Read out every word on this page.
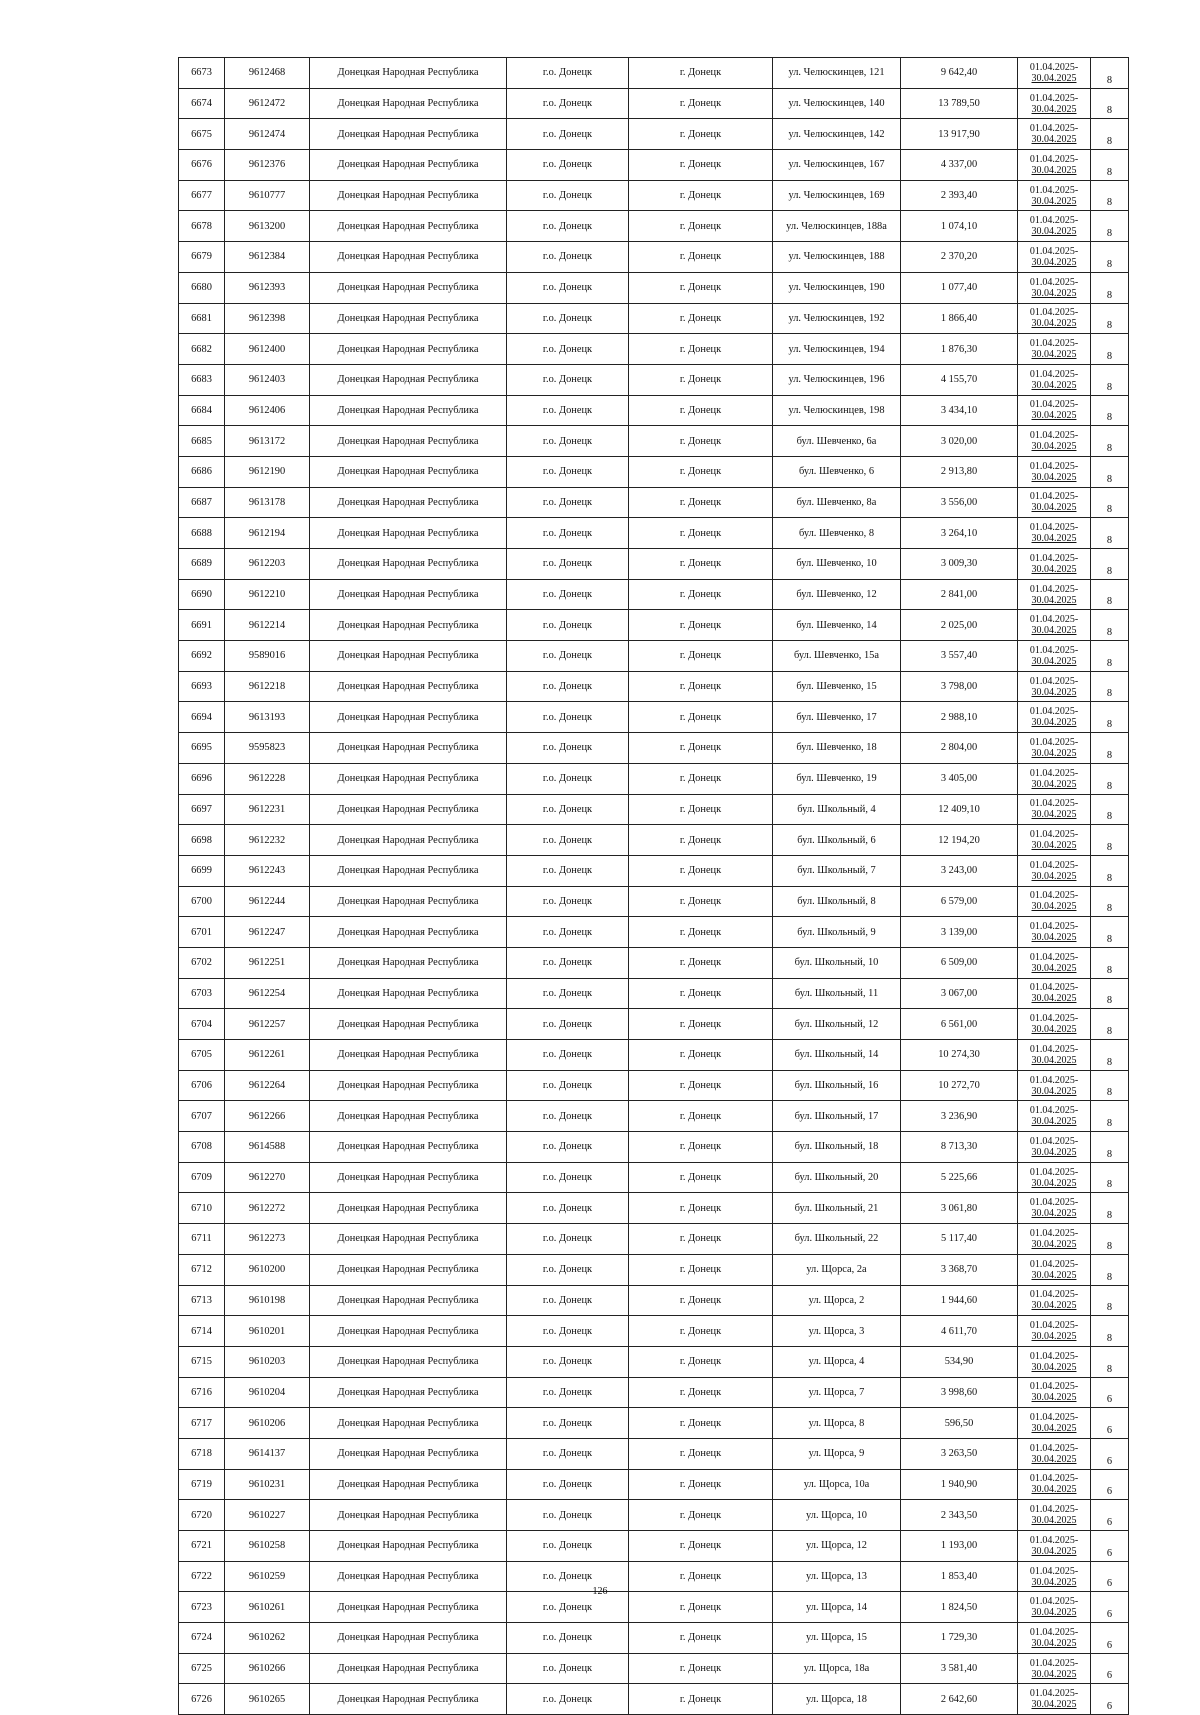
6673	9612468	Донецкая Народная Республика	г.о. Донецк	г. Донецк	ул. Челюскинцев, 121	9 642,40	01.04.2025-
30.04.2025	8
6674	9612472	Донецкая Народная Республика	г.о. Донецк	г. Донецк	ул. Челюскинцев, 140	13 789,50	01.04.2025-
30.04.2025	8
6675	9612474	Донецкая Народная Республика	г.о. Донецк	г. Донецк	ул. Челюскинцев, 142	13 917,90	01.04.2025-
30.04.2025	8
6676	9612376	Донецкая Народная Республика	г.о. Донецк	г. Донецк	ул. Челюскинцев, 167	4 337,00	01.04.2025-
30.04.2025	8
6677	9610777	Донецкая Народная Республика	г.о. Донецк	г. Донецк	ул. Челюскинцев, 169	2 393,40	01.04.2025-
30.04.2025	8
6678	9613200	Донецкая Народная Республика	г.о. Донецк	г. Донецк	ул. Челюскинцев, 188а	1 074,10	01.04.2025-
30.04.2025	8
6679	9612384	Донецкая Народная Республика	г.о. Донецк	г. Донецк	ул. Челюскинцев, 188	2 370,20	01.04.2025-
30.04.2025	8
6680	9612393	Донецкая Народная Республика	г.о. Донецк	г. Донецк	ул. Челюскинцев, 190	1 077,40	01.04.2025-
30.04.2025	8
6681	9612398	Донецкая Народная Республика	г.о. Донецк	г. Донецк	ул. Челюскинцев, 192	1 866,40	01.04.2025-
30.04.2025	8
6682	9612400	Донецкая Народная Республика	г.о. Донецк	г. Донецк	ул. Челюскинцев, 194	1 876,30	01.04.2025-
30.04.2025	8
6683	9612403	Донецкая Народная Республика	г.о. Донецк	г. Донецк	ул. Челюскинцев, 196	4 155,70	01.04.2025-
30.04.2025	8
6684	9612406	Донецкая Народная Республика	г.о. Донецк	г. Донецк	ул. Челюскинцев, 198	3 434,10	01.04.2025-
30.04.2025	8
6685	9613172	Донецкая Народная Республика	г.о. Донецк	г. Донецк	бул. Шевченко, 6а	3 020,00	01.04.2025-
30.04.2025	8
6686	9612190	Донецкая Народная Республика	г.о. Донецк	г. Донецк	бул. Шевченко, 6	2 913,80	01.04.2025-
30.04.2025	8
6687	9613178	Донецкая Народная Республика	г.о. Донецк	г. Донецк	бул. Шевченко, 8а	3 556,00	01.04.2025-
30.04.2025	8
6688	9612194	Донецкая Народная Республика	г.о. Донецк	г. Донецк	бул. Шевченко, 8	3 264,10	01.04.2025-
30.04.2025	8
6689	9612203	Донецкая Народная Республика	г.о. Донецк	г. Донецк	бул. Шевченко, 10	3 009,30	01.04.2025-
30.04.2025	8
6690	9612210	Донецкая Народная Республика	г.о. Донецк	г. Донецк	бул. Шевченко, 12	2 841,00	01.04.2025-
30.04.2025	8
6691	9612214	Донецкая Народная Республика	г.о. Донецк	г. Донецк	бул. Шевченко, 14	2 025,00	01.04.2025-
30.04.2025	8
6692	9589016	Донецкая Народная Республика	г.о. Донецк	г. Донецк	бул. Шевченко, 15а	3 557,40	01.04.2025-
30.04.2025	8
6693	9612218	Донецкая Народная Республика	г.о. Донецк	г. Донецк	бул. Шевченко, 15	3 798,00	01.04.2025-
30.04.2025	8
6694	9613193	Донецкая Народная Республика	г.о. Донецк	г. Донецк	бул. Шевченко, 17	2 988,10	01.04.2025-
30.04.2025	8
6695	9595823	Донецкая Народная Республика	г.о. Донецк	г. Донецк	бул. Шевченко, 18	2 804,00	01.04.2025-
30.04.2025	8
6696	9612228	Донецкая Народная Республика	г.о. Донецк	г. Донецк	бул. Шевченко, 19	3 405,00	01.04.2025-
30.04.2025	8
6697	9612231	Донецкая Народная Республика	г.о. Донецк	г. Донецк	бул. Школьный, 4	12 409,10	01.04.2025-
30.04.2025	8
6698	9612232	Донецкая Народная Республика	г.о. Донецк	г. Донецк	бул. Школьный, 6	12 194,20	01.04.2025-
30.04.2025	8
6699	9612243	Донецкая Народная Республика	г.о. Донецк	г. Донецк	бул. Школьный, 7	3 243,00	01.04.2025-
30.04.2025	8
6700	9612244	Донецкая Народная Республика	г.о. Донецк	г. Донецк	бул. Школьный, 8	6 579,00	01.04.2025-
30.04.2025	8
6701	9612247	Донецкая Народная Республика	г.о. Донецк	г. Донецк	бул. Школьный, 9	3 139,00	01.04.2025-
30.04.2025	8
6702	9612251	Донецкая Народная Республика	г.о. Донецк	г. Донецк	бул. Школьный, 10	6 509,00	01.04.2025-
30.04.2025	8
6703	9612254	Донецкая Народная Республика	г.о. Донецк	г. Донецк	бул. Школьный, 11	3 067,00	01.04.2025-
30.04.2025	8
6704	9612257	Донецкая Народная Республика	г.о. Донецк	г. Донецк	бул. Школьный, 12	6 561,00	01.04.2025-
30.04.2025	8
6705	9612261	Донецкая Народная Республика	г.о. Донецк	г. Донецк	бул. Школьный, 14	10 274,30	01.04.2025-
30.04.2025	8
6706	9612264	Донецкая Народная Республика	г.о. Донецк	г. Донецк	бул. Школьный, 16	10 272,70	01.04.2025-
30.04.2025	8
6707	9612266	Донецкая Народная Республика	г.о. Донецк	г. Донецк	бул. Школьный, 17	3 236,90	01.04.2025-
30.04.2025	8
6708	9614588	Донецкая Народная Республика	г.о. Донецк	г. Донецк	бул. Школьный, 18	8 713,30	01.04.2025-
30.04.2025	8
6709	9612270	Донецкая Народная Республика	г.о. Донецк	г. Донецк	бул. Школьный, 20	5 225,66	01.04.2025-
30.04.2025	8
6710	9612272	Донецкая Народная Республика	г.о. Донецк	г. Донецк	бул. Школьный, 21	3 061,80	01.04.2025-
30.04.2025	8
6711	9612273	Донецкая Народная Республика	г.о. Донецк	г. Донецк	бул. Школьный, 22	5 117,40	01.04.2025-
30.04.2025	8
6712	9610200	Донецкая Народная Республика	г.о. Донецк	г. Донецк	ул. Щорса, 2а	3 368,70	01.04.2025-
30.04.2025	8
6713	9610198	Донецкая Народная Республика	г.о. Донецк	г. Донецк	ул. Щорса, 2	1 944,60	01.04.2025-
30.04.2025	8
6714	9610201	Донецкая Народная Республика	г.о. Донецк	г. Донецк	ул. Щорса, 3	4 611,70	01.04.2025-
30.04.2025	8
6715	9610203	Донецкая Народная Республика	г.о. Донецк	г. Донецк	ул. Щорса, 4	534,90	01.04.2025-
30.04.2025	8
6716	9610204	Донецкая Народная Республика	г.о. Донецк	г. Донецк	ул. Щорса, 7	3 998,60	01.04.2025-
30.04.2025	6
6717	9610206	Донецкая Народная Республика	г.о. Донецк	г. Донецк	ул. Щорса, 8	596,50	01.04.2025-
30.04.2025	6
6718	9614137	Донецкая Народная Республика	г.о. Донецк	г. Донецк	ул. Щорса, 9	3 263,50	01.04.2025-
30.04.2025	6
6719	9610231	Донецкая Народная Республика	г.о. Донецк	г. Донецк	ул. Щорса, 10а	1 940,90	01.04.2025-
30.04.2025	6
6720	9610227	Донецкая Народная Республика	г.о. Донецк	г. Донецк	ул. Щорса, 10	2 343,50	01.04.2025-
30.04.2025	6
6721	9610258	Донецкая Народная Республика	г.о. Донецк	г. Донецк	ул. Щорса, 12	1 193,00	01.04.2025-
30.04.2025	6
6722	9610259	Донецкая Народная Республика	г.о. Донецк	г. Донецк	ул. Щорса, 13	1 853,40	01.04.2025-
30.04.2025	6
6723	9610261	Донецкая Народная Республика	г.о. Донецк	г. Донецк	ул. Щорса, 14	1 824,50	01.04.2025-
30.04.2025	6
6724	9610262	Донецкая Народная Республика	г.о. Донецк	г. Донецк	ул. Щорса, 15	1 729,30	01.04.2025-
30.04.2025	6
6725	9610266	Донецкая Народная Республика	г.о. Донецк	г. Донецк	ул. Щорса, 18а	3 581,40	01.04.2025-
30.04.2025	6
6726	9610265	Донецкая Народная Республика	г.о. Донецк	г. Донецк	ул. Щорса, 18	2 642,60	01.04.2025-
30.04.2025	6
126
